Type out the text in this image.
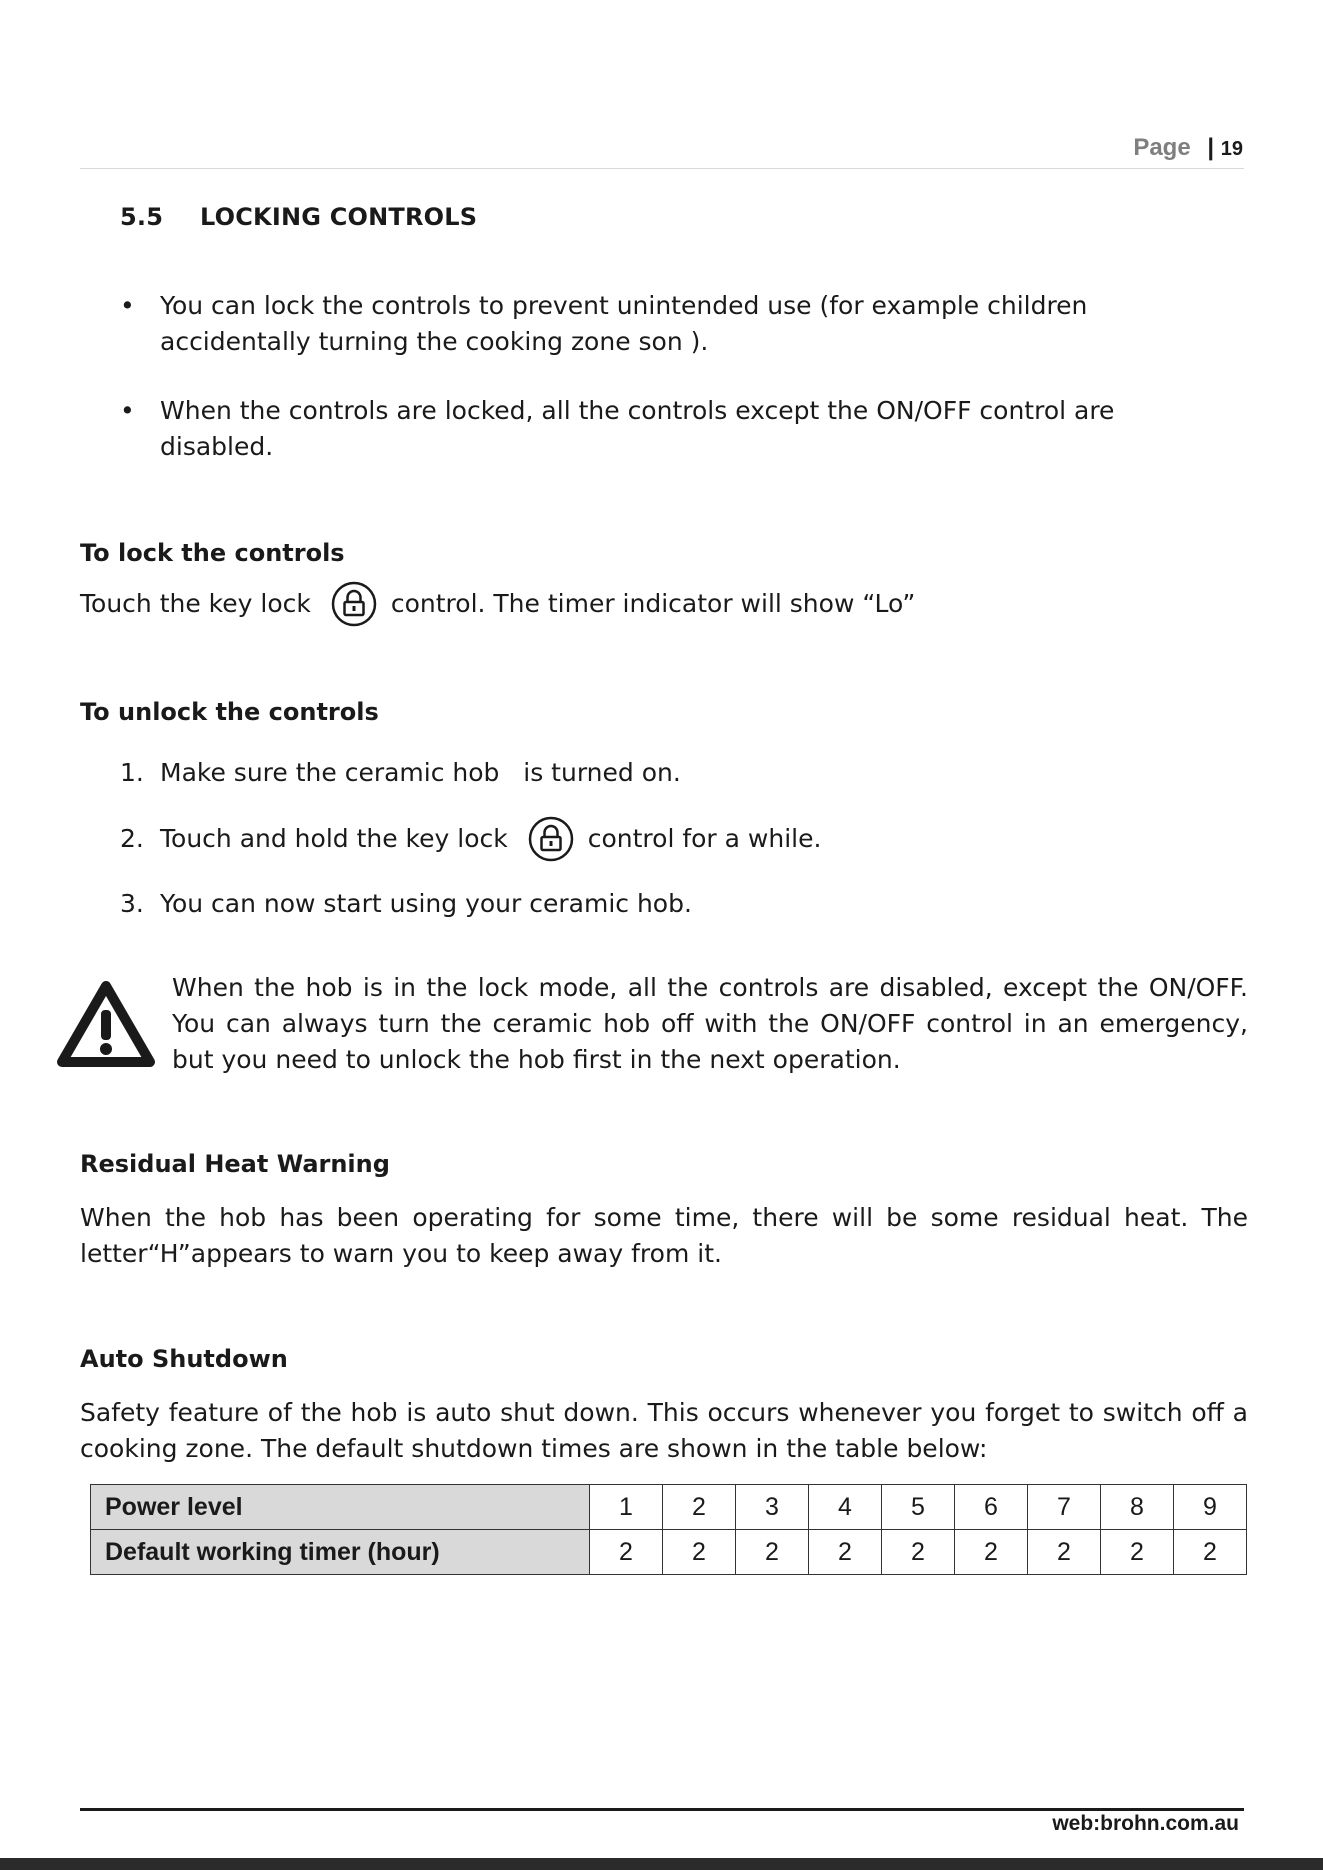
Page | 19
5.5 LOCKING CONTROLS
• You can lock the controls to prevent unintended use (for example children accidentally turning the cooking zone son ).
• When the controls are locked, all the controls except the ON/OFF control are disabled.
To lock the controls
Touch the key lock	control. The timer indicator will show “Lo”
To unlock the controls
1. Make sure the ceramic hob   is turned on.
2. Touch and hold the key lock	control for a while.
3. You can now start using your ceramic hob.
When the hob is in the lock mode, all the controls are disabled, except the ON/OFF. You can always turn the ceramic hob off with the ON/OFF control in an emergency, but you need to unlock the hob first in the next operation.
Residual Heat Warning
When the hob has been operating for some time, there will be some residual heat. The letter“H”appears to warn you to keep away from it.
Auto Shutdown
Safety feature of the hob is auto shut down. This occurs whenever you forget to switch off a cooking zone. The default shutdown times are shown in the table below:
Power level	1	2	3	4	5	6	7	8	9
Default working timer (hour)	2	2	2	2	2	2	2	2	2
web:brohn.com.au
